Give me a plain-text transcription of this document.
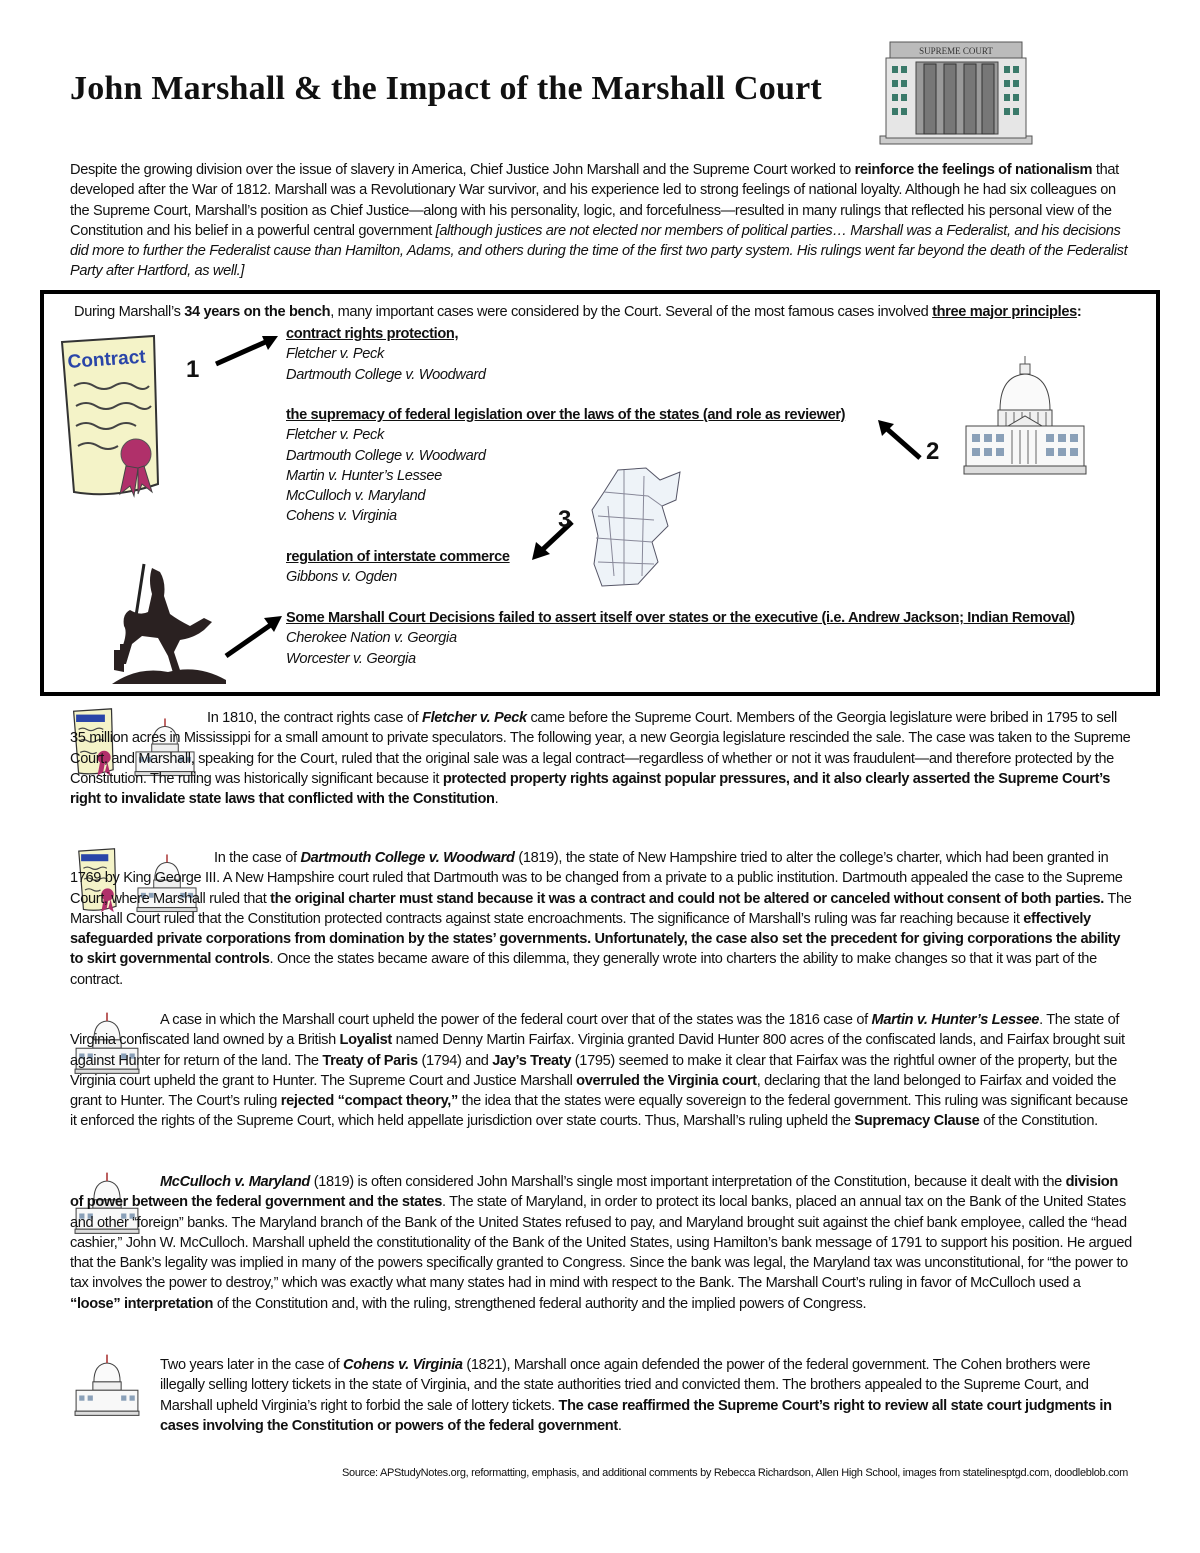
John Marshall & the Impact of the Marshall Court
SUPREME COURT
Despite the growing division over the issue of slavery in America, Chief Justice John Marshall and the Supreme Court worked to reinforce the feelings of nationalism that developed after the War of 1812. Marshall was a Revolutionary War survivor, and his experience led to strong feelings of national loyalty. Although he had six colleagues on the Supreme Court, Marshall’s position as Chief Justice—along with his personality, logic, and forcefulness—resulted in many rulings that reflected his personal view of the Constitution and his belief in a powerful central government [although justices are not elected nor members of political parties… Marshall was a Federalist, and his decisions did more to further the Federalist cause than Hamilton, Adams, and others during the time of the first two party system. His rulings went far beyond the death of the Federalist Party after Hartford, as well.]
During Marshall’s 34 years on the bench, many important cases were considered by the Court. Several of the most famous cases involved three major principles:
Contract 1
contract rights protection,
Fletcher v. Peck
Dartmouth College v. Woodward
the supremacy of federal legislation over the laws of the states (and role as reviewer)
Fletcher v. Peck
Dartmouth College v. Woodward
Martin v. Hunter’s Lessee
McCulloch v. Maryland
Cohens v. Virginia
2
regulation of interstate commerce
Gibbons v. Ogden
3
Some Marshall Court Decisions failed to assert itself over states or the executive (i.e. Andrew Jackson; Indian Removal)
Cherokee Nation v. Georgia
Worcester v. Georgia

In 1810, the contract rights case of Fletcher v. Peck came before the Supreme Court. Members of the Georgia legislature were bribed in 1795 to sell 35 million acres in Mississippi for a small amount to private speculators. The following year, a new Georgia legislature rescinded the sale. The case was taken to the Supreme Court, and Marshall, speaking for the Court, ruled that the original sale was a legal contract—regardless of whether or not it was fraudulent—and therefore protected by the Constitution. The ruling was historically significant because it protected property rights against popular pressures, and it also clearly asserted the Supreme Court’s right to invalidate state laws that conflicted with the Constitution.

In the case of Dartmouth College v. Woodward (1819), the state of New Hampshire tried to alter the college’s charter, which had been granted in 1769 by King George III. A New Hampshire court ruled that Dartmouth was to be changed from a private to a public institution. Dartmouth appealed the case to the Supreme Court, where Marshall ruled that the original charter must stand because it was a contract and could not be altered or canceled without consent of both parties. The Marshall Court ruled that the Constitution protected contracts against state encroachments. The significance of Marshall’s ruling was far reaching because it effectively safeguarded private corporations from domination by the states’ governments. Unfortunately, the case also set the precedent for giving corporations the ability to skirt governmental controls. Once the states became aware of this dilemma, they generally wrote into charters the ability to make changes so that it was part of the contract.

A case in which the Marshall court upheld the power of the federal court over that of the states was the 1816 case of Martin v. Hunter’s Lessee. The state of Virginia confiscated land owned by a British Loyalist named Denny Martin Fairfax. Virginia granted David Hunter 800 acres of the confiscated lands, and Fairfax brought suit against Hunter for return of the land. The Treaty of Paris (1794) and Jay’s Treaty (1795) seemed to make it clear that Fairfax was the rightful owner of the property, but the Virginia court upheld the grant to Hunter. The Supreme Court and Justice Marshall overruled the Virginia court, declaring that the land belonged to Fairfax and voided the grant to Hunter. The Court’s ruling rejected “compact theory,” the idea that the states were equally sovereign to the federal government. This ruling was significant because it enforced the rights of the Supreme Court, which held appellate jurisdiction over state courts. Thus, Marshall’s ruling upheld the Supremacy Clause of the Constitution.

McCulloch v. Maryland (1819) is often considered John Marshall’s single most important interpretation of the Constitution, because it dealt with the division of power between the federal government and the states. The state of Maryland, in order to protect its local banks, placed an annual tax on the Bank of the United States and other “foreign” banks. The Maryland branch of the Bank of the United States refused to pay, and Maryland brought suit against the chief bank employee, called the “head cashier,” John W. McCulloch. Marshall upheld the constitutionality of the Bank of the United States, using Hamilton’s bank message of 1791 to support his position. He argued that the Bank’s legality was implied in many of the powers specifically granted to Congress. Since the bank was legal, the Maryland tax was unconstitutional, for “the power to tax involves the power to destroy,” which was exactly what many states had in mind with respect to the Bank. The Marshall Court’s ruling in favor of McCulloch used a “loose” interpretation of the Constitution and, with the ruling, strengthened federal authority and the implied powers of Congress.

Two years later in the case of Cohens v. Virginia (1821), Marshall once again defended the power of the federal government. The Cohen brothers were illegally selling lottery tickets in the state of Virginia, and the state authorities tried and convicted them. The brothers appealed to the Supreme Court, and Marshall upheld Virginia’s right to forbid the sale of lottery tickets. The case reaffirmed the Supreme Court’s right to review all state court judgments in cases involving the Constitution or powers of the federal government.

Source: APStudyNotes.org, reformatting, emphasis, and additional comments by Rebecca Richardson, Allen High School, images from statelinesptgd.com, doodleblob.com
